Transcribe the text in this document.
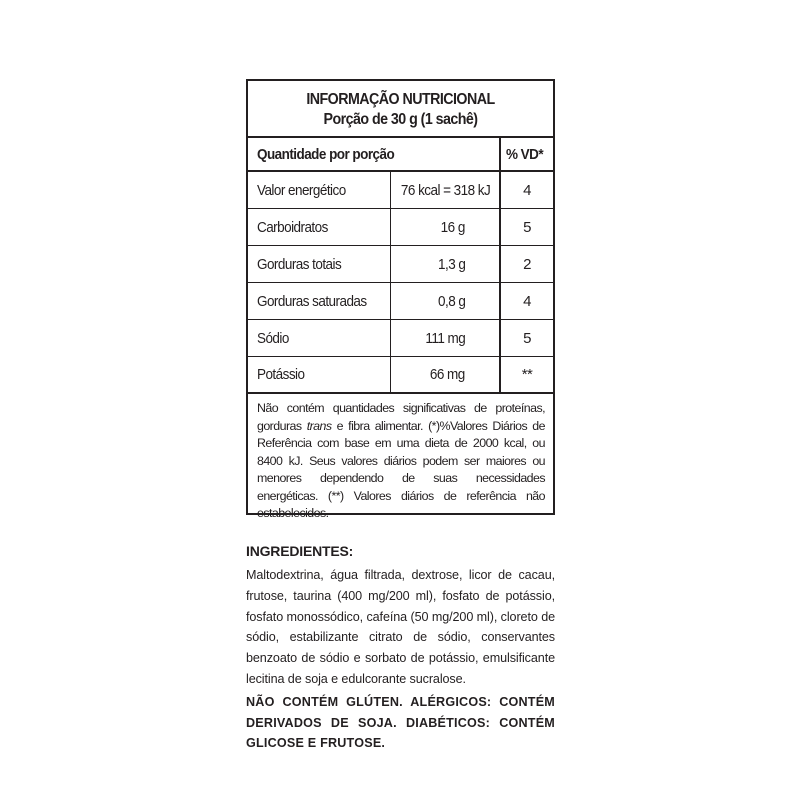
INFORMAÇÃO NUTRICIONAL
Porção de 30 g (1 sachê)
Quantidade por porção	% VD*
Valor energético	76 kcal = 318 kJ 4
Carboidratos	16 g	5
Gorduras totais	1,3 g	2
Gorduras saturadas	0,8 g	4
Sódio	111 mg	5
Potássio	66 mg	**
Não contém quantidades significativas de proteínas, gorduras trans e fibra alimentar. (*)%Valores Diários de Referência com base em uma dieta de 2000 kcal, ou 8400 kJ. Seus valores diários podem ser maiores ou menores dependendo de suas necessidades energéticas. (**) Valores diários de referência não estabelecidos.
INGREDIENTES:
Maltodextrina, água filtrada, dextrose, licor de cacau, frutose, taurina (400 mg/200 ml), fosfato de potássio, fosfato monossódico, cafeína (50 mg/200 ml), cloreto de sódio, estabilizante citrato de sódio, conservantes benzoato de sódio e sorbato de potássio, emulsificante lecitina de soja e edulcorante sucralose.
NÃO CONTÉM GLÚTEN. ALÉRGICOS: CONTÉM DERIVADOS DE SOJA. DIABÉTICOS: CONTÉM GLICOSE E FRUTOSE.
